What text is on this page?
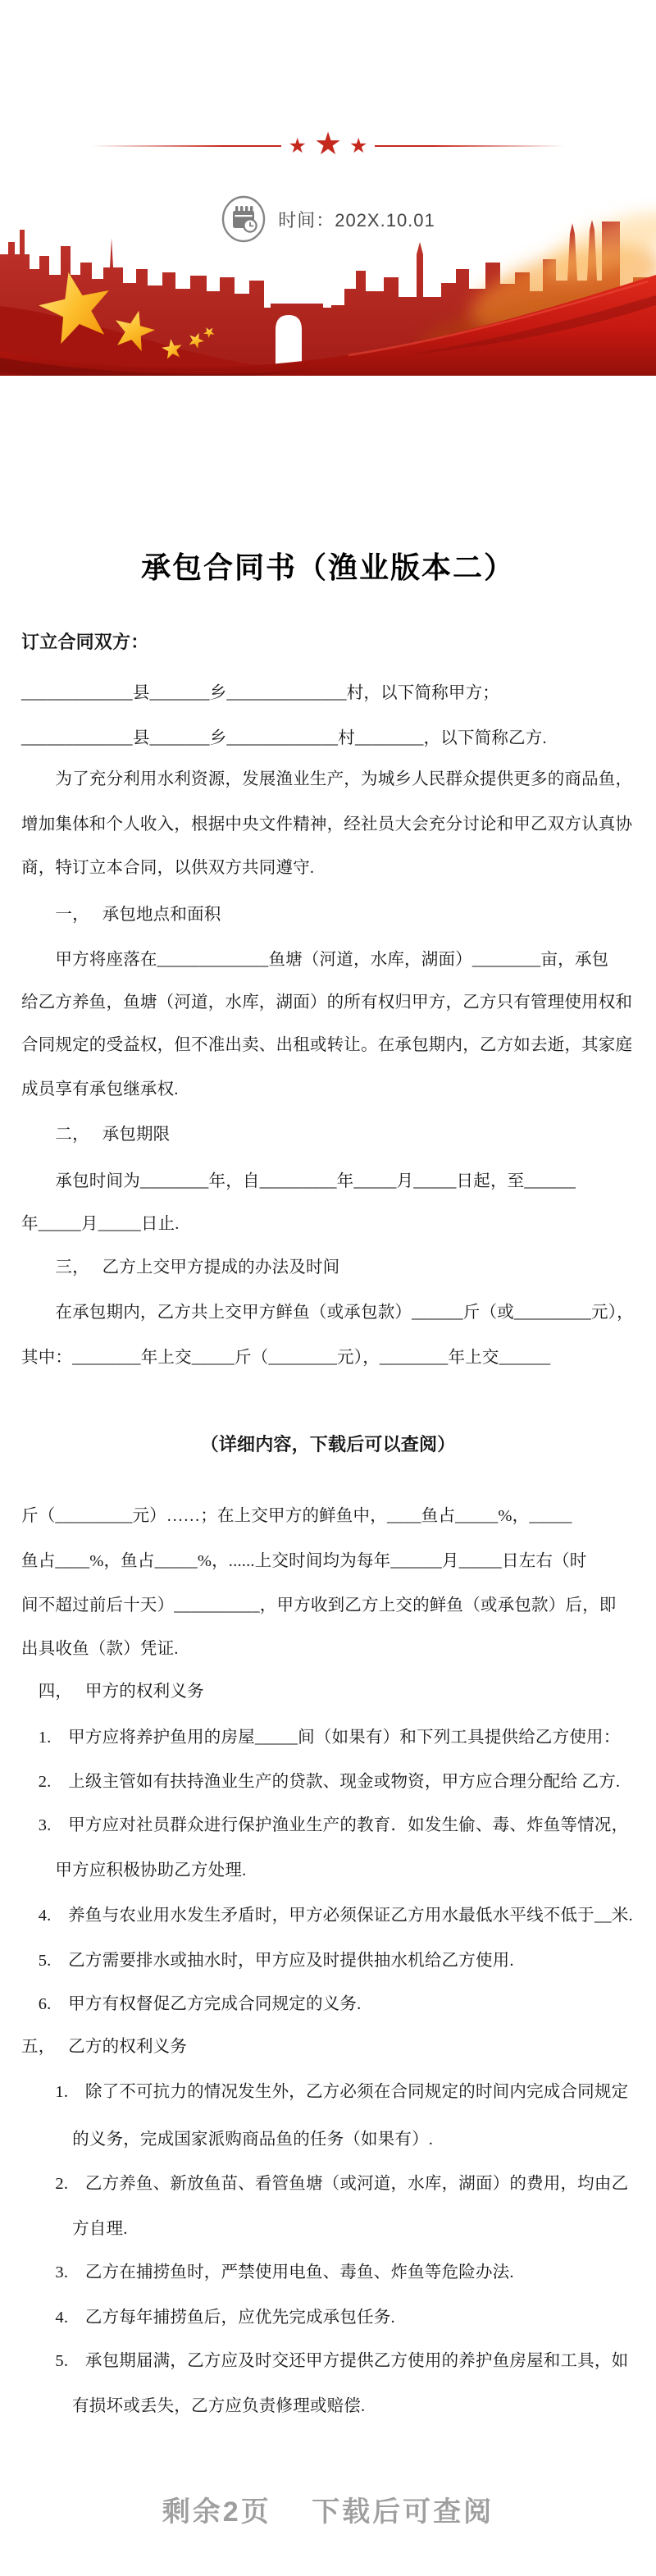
★ ★ ★
时间：202X.10.01
承包合同书（渔业版本二）
订立合同双方：
_____________县_______乡______________村，以下简称甲方；
_____________县_______乡_____________村________，以下简称乙方.
　　为了充分利用水利资源，发展渔业生产，为城乡人民群众提供更多的商品鱼，
增加集体和个人收入，根据中央文件精神，经社员大会充分讨论和甲乙双方认真协
商，特订立本合同，以供双方共同遵守.
　　一，　 承包地点和面积
　　甲方将座落在_____________鱼塘（河道，水库，湖面）________亩，承包
给乙方养鱼，鱼塘（河道，水库，湖面）的所有权归甲方，乙方只有管理使用权和
合同规定的受益权，但不准出卖、出租或转让。在承包期内，乙方如去逝，其家庭
成员享有承包继承权.
　　二，　 承包期限
　　承包时间为________年，自_________年_____月_____日起，至______
年_____月_____日止.
　　三，　 乙方上交甲方提成的办法及时间
　　在承包期内，乙方共上交甲方鲜鱼（或承包款）______斤（或_________元），
其中：________年上交_____斤（________元），________年上交______
（详细内容，下载后可以查阅）
斤（_________元）……；在上交甲方的鲜鱼中，____鱼占_____%，_____
鱼占____%，鱼占_____%，......上交时间均为每年______月_____日左右（时
间不超过前后十天）__________，甲方收到乙方上交的鲜鱼（或承包款）后，即
出具收鱼（款）凭证.
　四，　 甲方的权利义务
　1.　甲方应将养护鱼用的房屋_____间（如果有）和下列工具提供给乙方使用：
　2.　上级主管如有扶持渔业生产的贷款、现金或物资，甲方应合理分配给 乙方.
　3.　甲方应对社员群众进行保护渔业生产的教育．如发生偷、毒、炸鱼等情况，
　　甲方应积极协助乙方处理.
　4.　养鱼与农业用水发生矛盾时，甲方必须保证乙方用水最低水平线不低于__米.
　5.　乙方需要排水或抽水时，甲方应及时提供抽水机给乙方使用.
　6.　甲方有权督促乙方完成合同规定的义务.
五，　 乙方的权利义务
　　1.　除了不可抗力的情况发生外，乙方必须在合同规定的时间内完成合同规定
　　　的义务，完成国家派购商品鱼的任务（如果有）.
　　2.　乙方养鱼、新放鱼苗、看管鱼塘（或河道，水库，湖面）的费用，均由乙
　　　方自理.
　　3.　乙方在捕捞鱼时，严禁使用电鱼、毒鱼、炸鱼等危险办法.
　　4.　乙方每年捕捞鱼后，应优先完成承包任务.
　　5.　承包期届满，乙方应及时交还甲方提供乙方使用的养护鱼房屋和工具，如
　　　有损坏或丢失，乙方应负责修理或赔偿.
剩余2页　 下载后可查阅
